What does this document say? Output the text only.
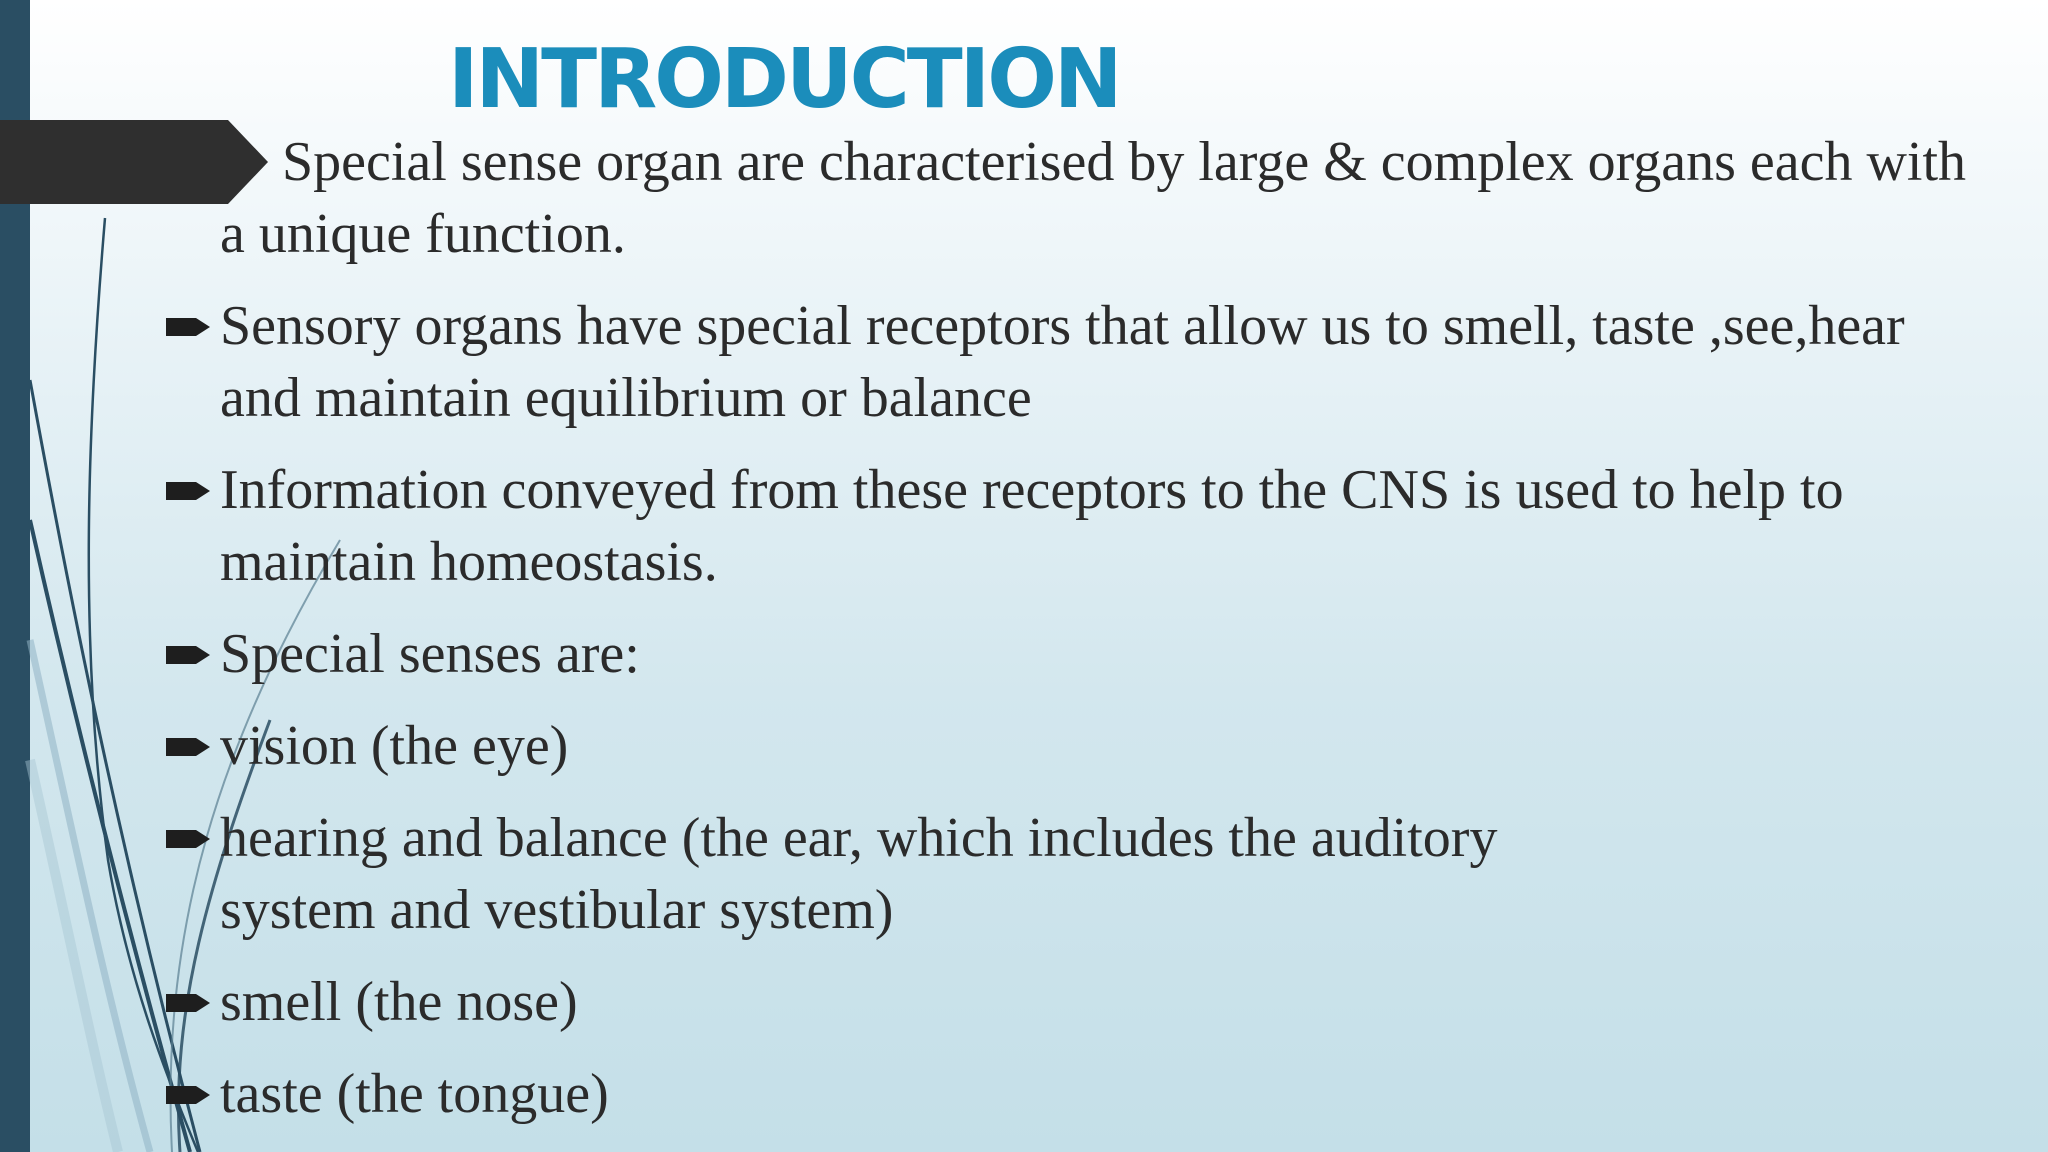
INTRODUCTION
Special sense organ are characterised by large & complex organs each with a unique function.
Sensory organs have special receptors that allow us to smell, taste ,see,hear and maintain equilibrium or balance
Information conveyed from these receptors to the CNS is used to help to maintain homeostasis.
Special senses are:
vision (the eye)
hearing and balance (the ear, which includes the auditory system and vestibular system)
smell (the nose)
taste (the tongue)
